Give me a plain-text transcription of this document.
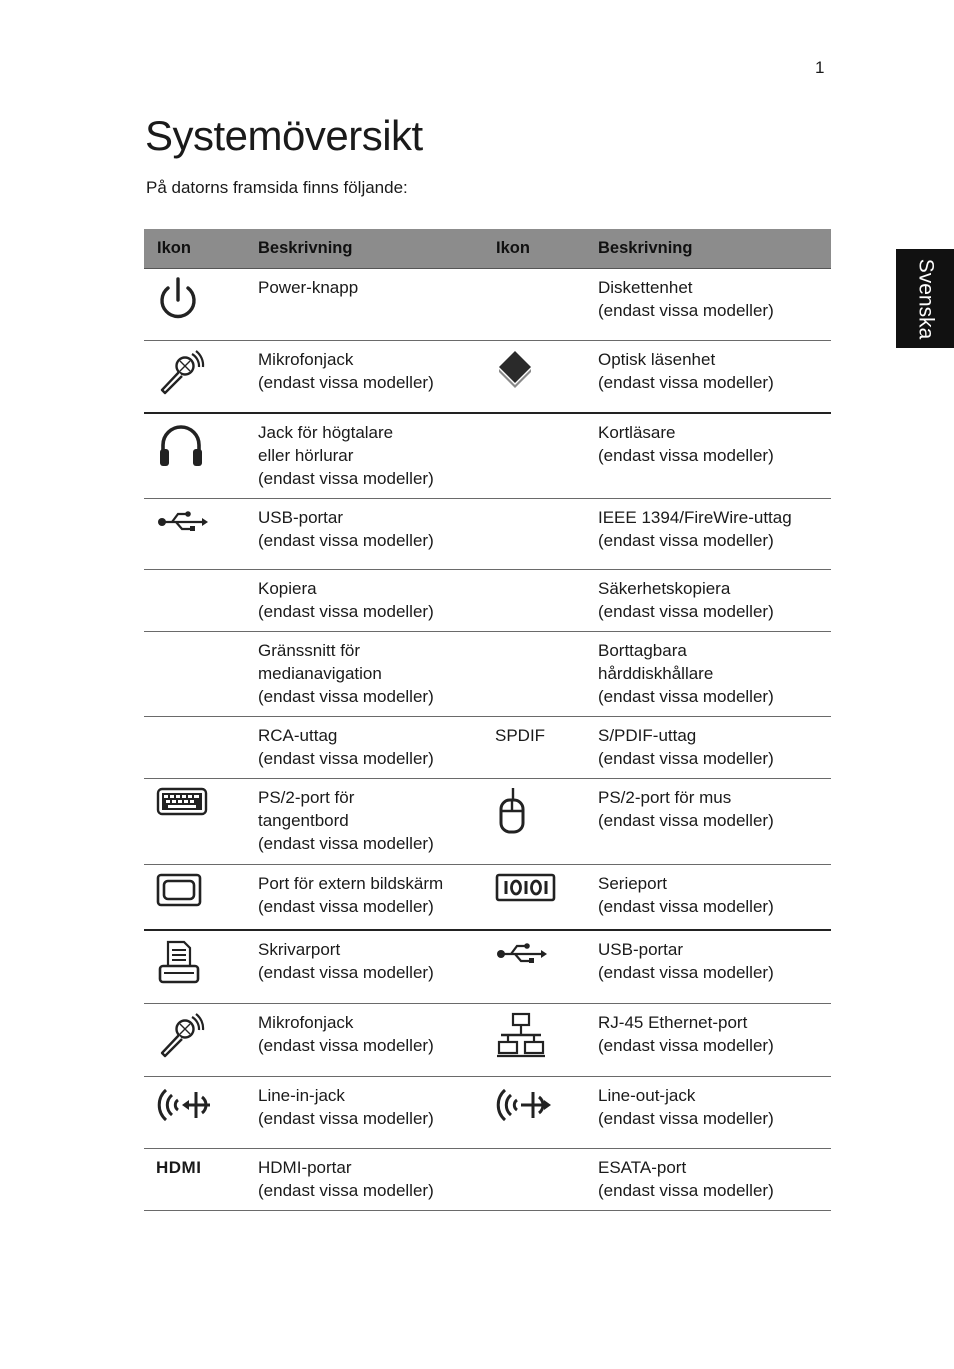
1
Systemöversikt

På datorns framsida finns följande:

Svenska
Ikon	Beskrivning	Ikon	Beskrivning

Power-knapp		Diskettenhet
(endast vissa modeller)

Mikrofonjack
(endast vissa modeller)		Optisk läsenhet
(endast vissa modeller)

Jack för högtalare
eller hörlurar
(endast vissa modeller)		Kortläsare
(endast vissa modeller)

USB-portar
(endast vissa modeller)		IEEE 1394/FireWire-uttag
(endast vissa modeller)

	Kopiera
(endast vissa modeller)		Säkerhetskopiera
(endast vissa modeller)

	Gränssnitt för
medianavigation
(endast vissa modeller)		Borttagbara
hårddiskhållare
(endast vissa modeller)

	RCA-uttag
(endast vissa modeller)	SPDIF	S/PDIF-uttag
(endast vissa modeller)

PS/2-port för
tangentbord
(endast vissa modeller)		PS/2-port för mus
(endast vissa modeller)

Port för extern bildskärm
(endast vissa modeller)		Serieport
(endast vissa modeller)

Skrivarport
(endast vissa modeller)		USB-portar
(endast vissa modeller)

Mikrofonjack
(endast vissa modeller)		RJ-45 Ethernet-port
(endast vissa modeller)

Line-in-jack
(endast vissa modeller)		Line-out-jack
(endast vissa modeller)

HDMI	HDMI-portar
(endast vissa modeller)		ESATA-port
(endast vissa modeller)
